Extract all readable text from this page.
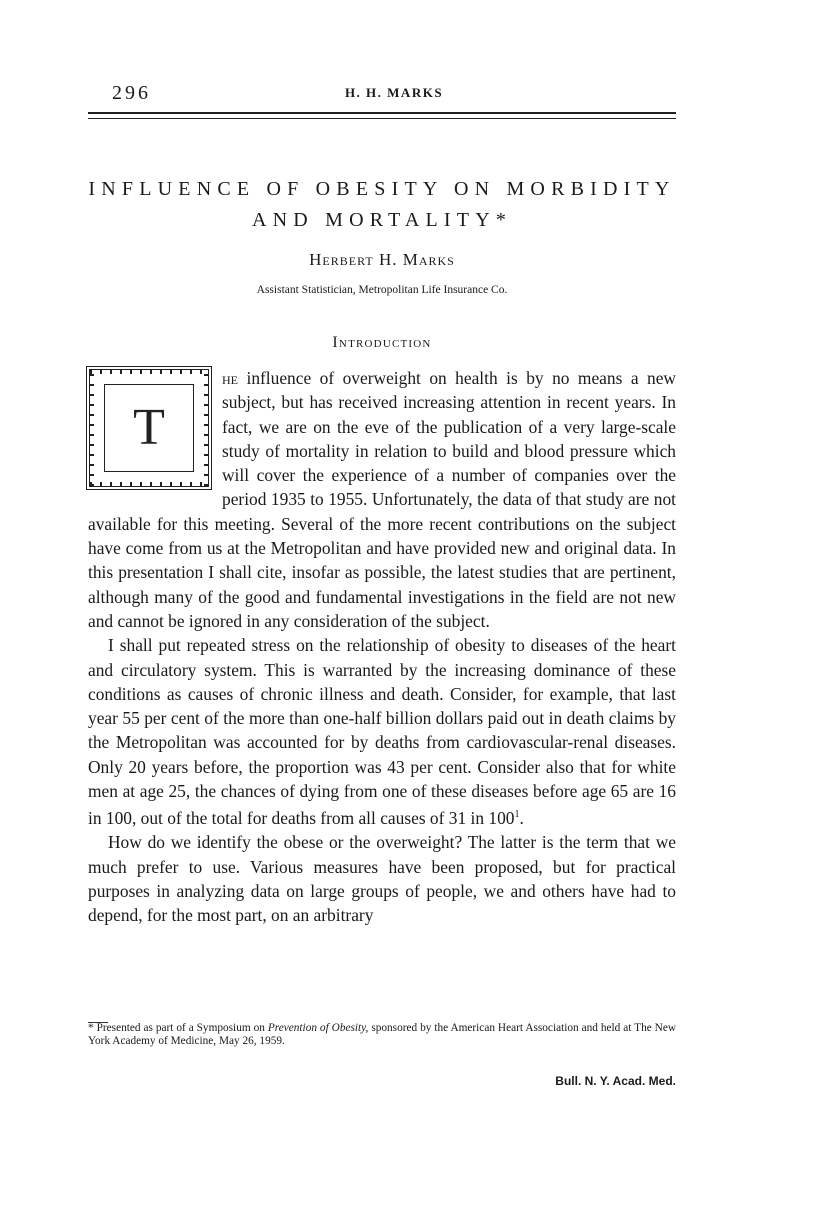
296	H. H. MARKS
INFLUENCE OF OBESITY ON MORBIDITY
AND MORTALITY*
Herbert H. Marks
Assistant Statistician, Metropolitan Life Insurance Co.
Introduction

T
he influence of overweight on health is by no means a new subject, but has received increasing attention in recent years. In fact, we are on the eve of the publication of a very large-scale study of mortality in relation to build and blood pressure which will cover the experience of a number of companies over the period 1935 to 1955. Unfortunately, the data of that study are not available for this meeting. Several of the more recent contributions on the subject have come from us at the Metropolitan and have provided new and original data. In this presentation I shall cite, insofar as possible, the latest studies that are pertinent, although many of the good and fundamental investigations in the field are not new and cannot be ignored in any consideration of the subject.

I shall put repeated stress on the relationship of obesity to diseases of the heart and circulatory system. This is warranted by the increasing dominance of these conditions as causes of chronic illness and death. Consider, for example, that last year 55 per cent of the more than one-half billion dollars paid out in death claims by the Metropolitan was accounted for by deaths from cardiovascular-renal diseases. Only 20 years before, the proportion was 43 per cent. Consider also that for white men at age 25, the chances of dying from one of these diseases before age 65 are 16 in 100, out of the total for deaths from all causes of 31 in $100^1$.

How do we identify the obese or the overweight? The latter is the term that we much prefer to use. Various measures have been proposed, but for practical purposes in analyzing data on large groups of people, we and others have had to depend, for the most part, on an arbitrary

* Presented as part of a Symposium on Prevention of Obesity, sponsored by the American Heart Association and held at The New York Academy of Medicine, May 26, 1959.
Bull. N. Y. Acad. Med.
